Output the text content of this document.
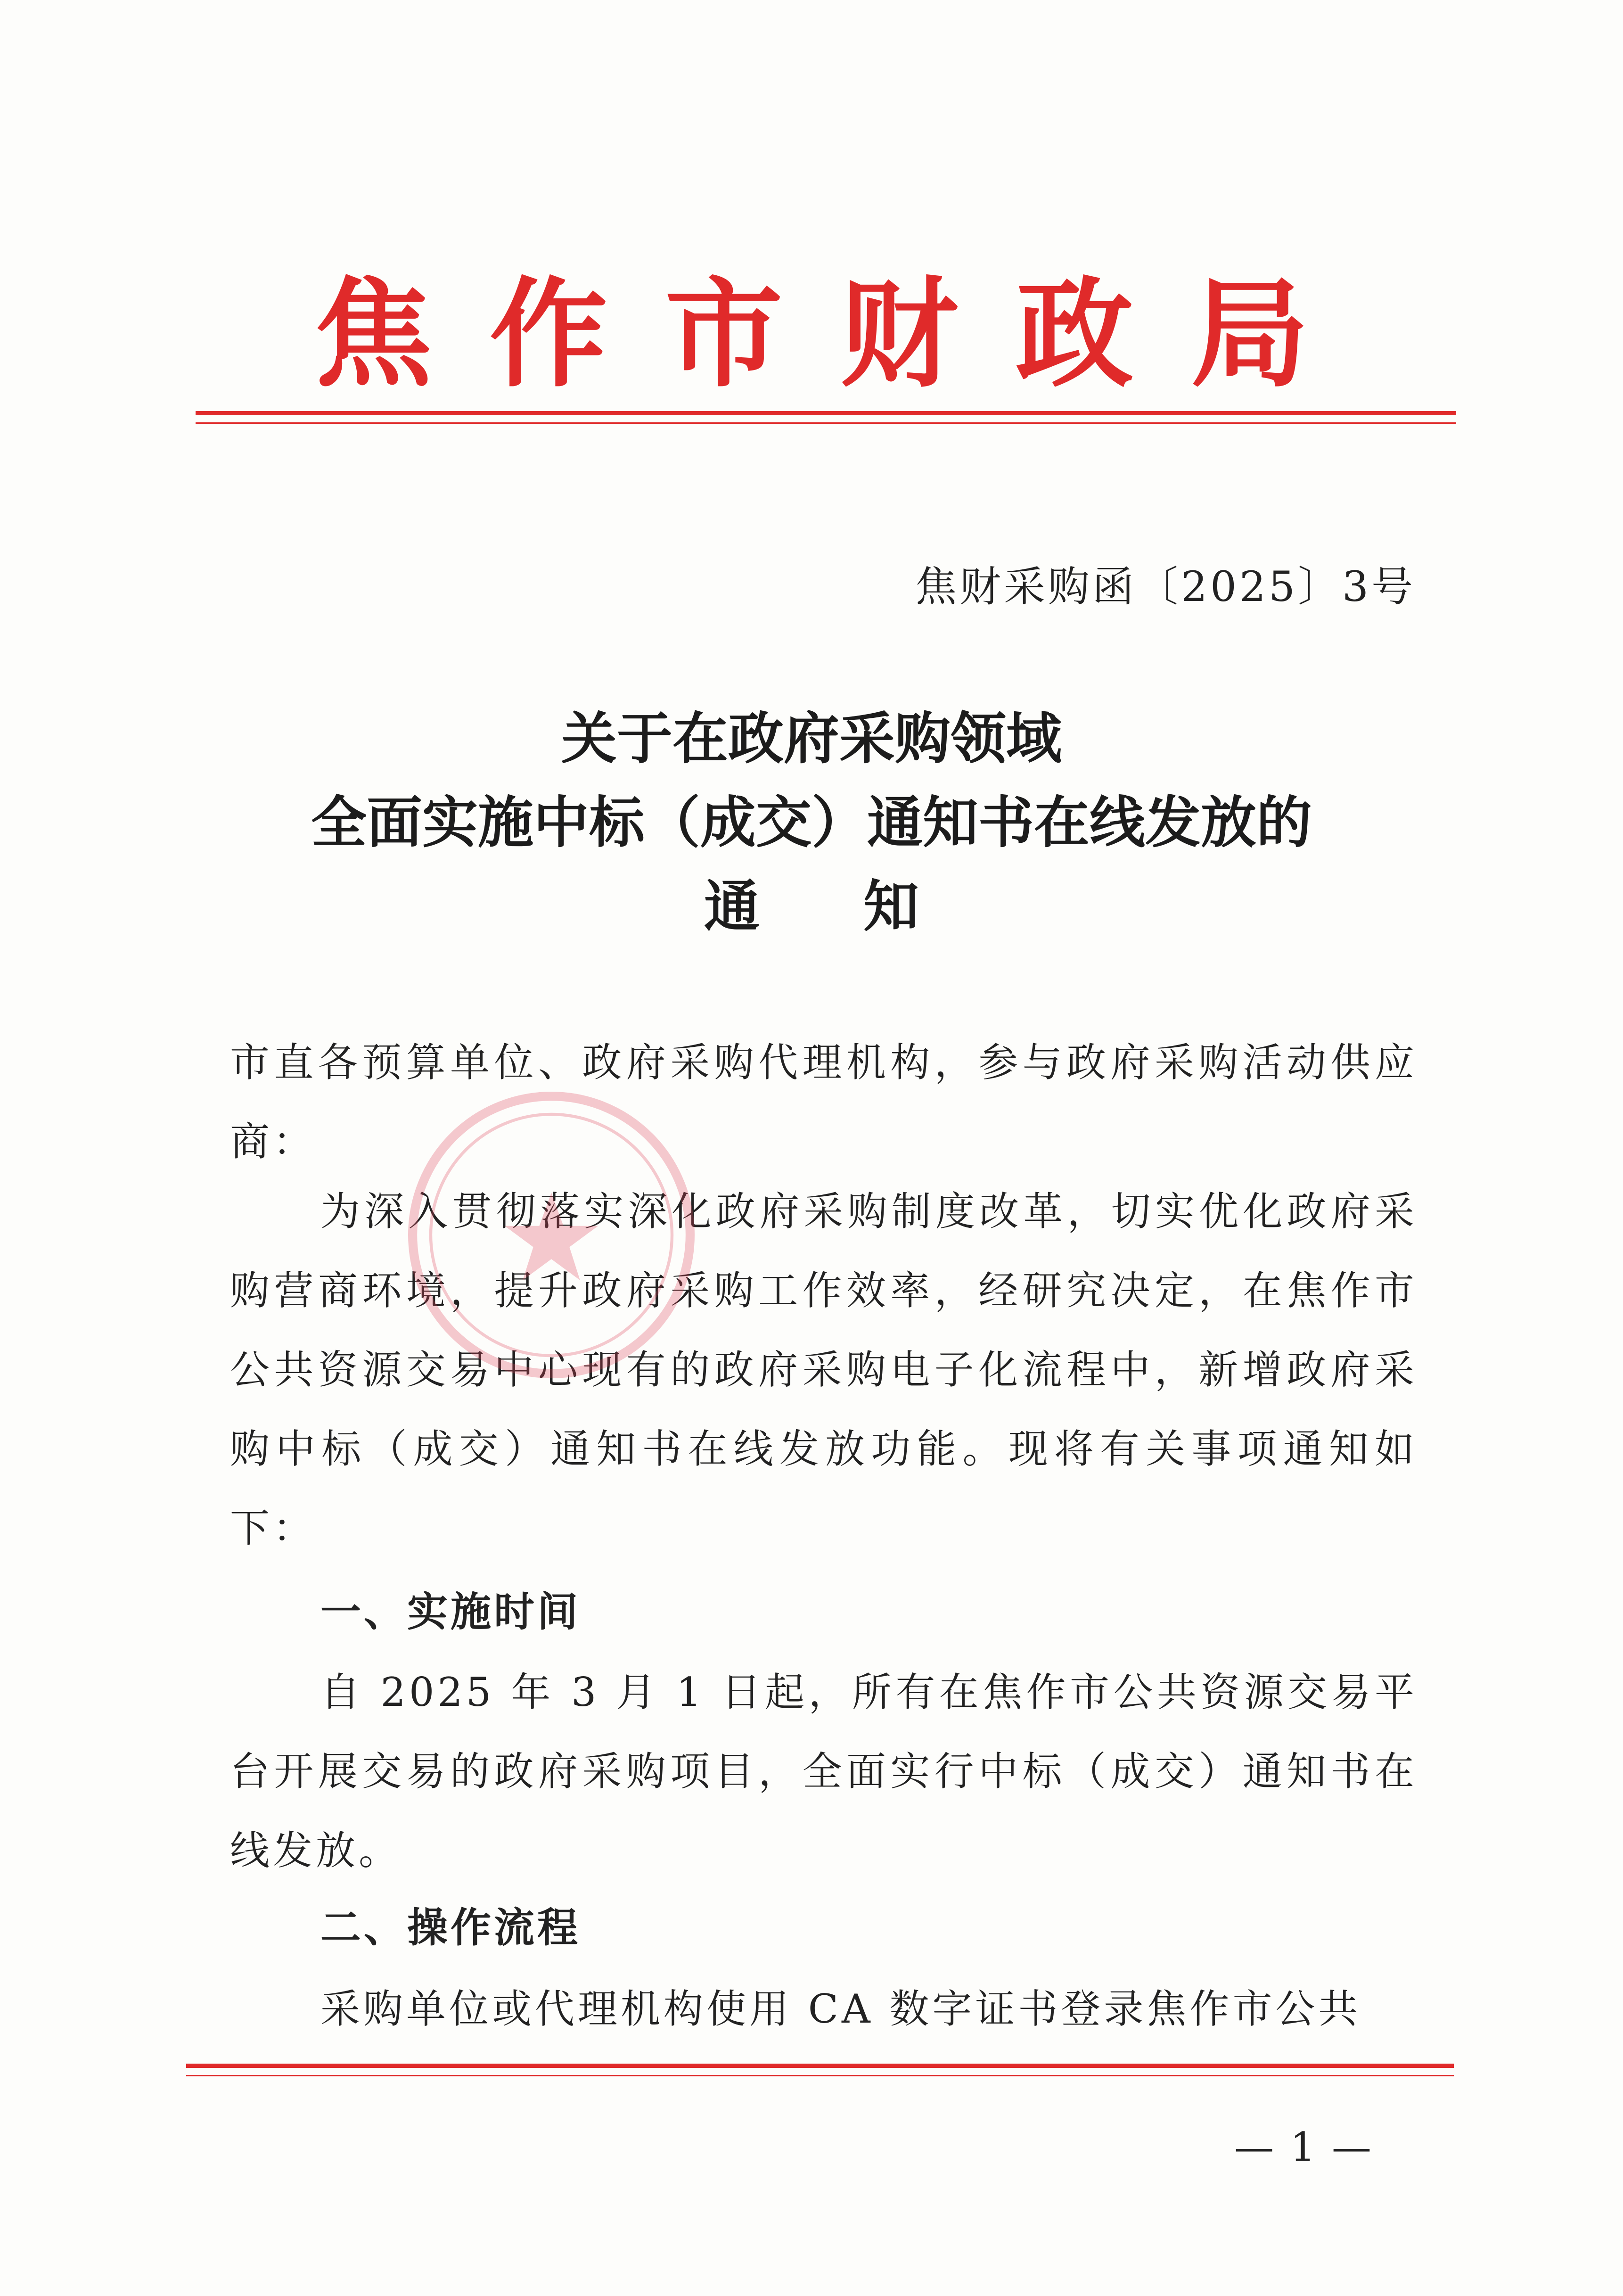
焦作市财政局
焦财采购函〔2025〕3号
关于在政府采购领域
全面实施中标（成交）通知书在线发放的
通知
市直各预算单位、政府采购代理机构，参与政府采购活动供应商：
为深入贯彻落实深化政府采购制度改革，切实优化政府采购营商环境，提升政府采购工作效率，经研究决定，在焦作市公共资源交易中心现有的政府采购电子化流程中，新增政府采购中标（成交）通知书在线发放功能。现将有关事项通知如下：
一、实施时间
自 2025 年 3 月 1 日起，所有在焦作市公共资源交易平台开展交易的政府采购项目，全面实行中标（成交）通知书在线发放。
二、操作流程
采购单位或代理机构使用 CA 数字证书登录焦作市公共
— 1 —
